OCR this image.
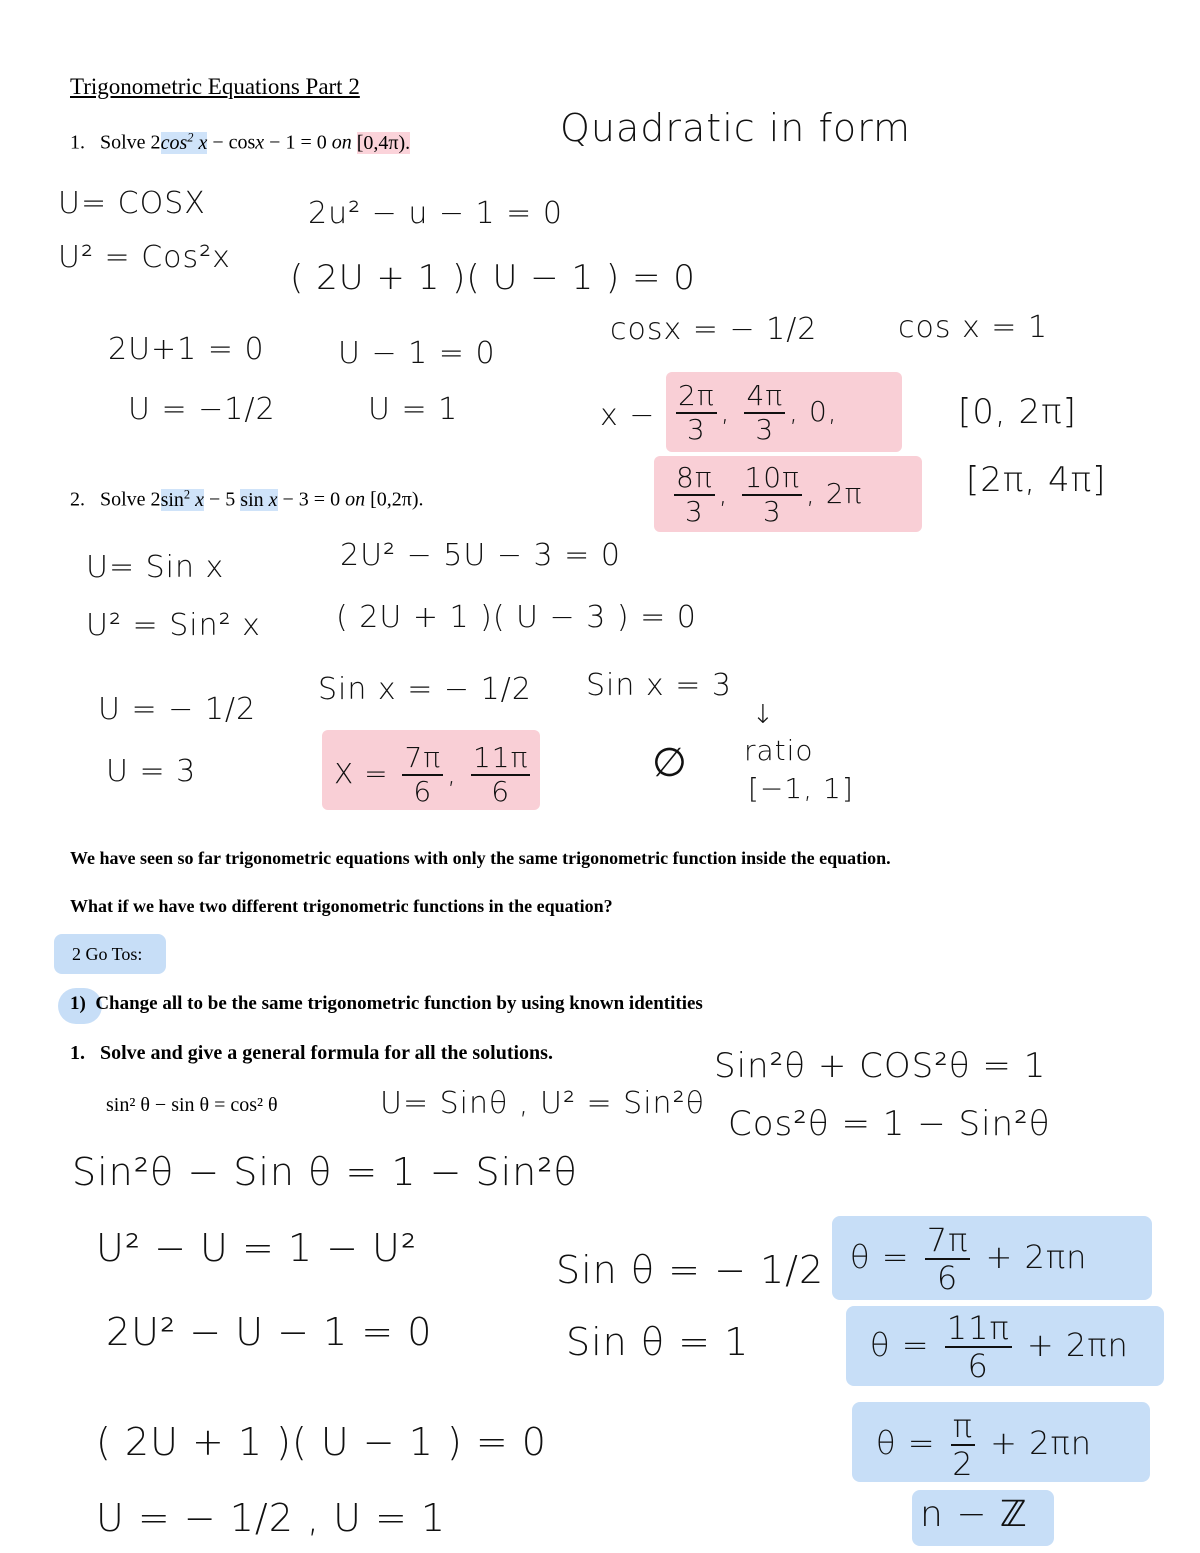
Trigonometric Equations Part 2
1. Solve $2\cos^2$ x − cosx − 1 = 0 on [0,4π).	Quadratic in form
U= COSX
U² = Cos²x
2u² − u − 1 = 0
( 2U + 1 )( U − 1 ) = 0
2U+1 = 0
U = −1/2
U − 1 = 0
U = 1
cosx = − 1/2	cos x = 1
$x - \frac{2\pi}{3}$ , $\frac{4\pi}{3}$ , 0,
$\frac{8\pi}{3}$ , $\frac{10\pi}{3}$ , 2π
[0, 2π]
[2π, 4π]
2. Solve $2\sin^2$ x − 5 sin x − 3 = 0 on [0,2π).
U= Sin x
U² = Sin² x
2U² − 5U − 3 = 0
( 2U + 1 )( U − 3 ) = 0
U = − 1/2
U = 3
Sin x = − 1/2 Sin x = 3
↓
$X = \frac{7\pi}{6}$ , $\frac{11\pi}{6}$	∅ ratio
[−1, 1]
We have seen so far trigonometric equations with only the same trigonometric function inside the equation.
What if we have two different trigonometric functions in the equation?
2 Go Tos:
1) Change all to be the same trigonometric function by using known identities
1. Solve and give a general formula for all the solutions.
sin² θ − sin θ = cos² θ	U= Sinθ , U² = Sin²θ
Sin²θ + COS²θ = 1
Cos²θ = 1 − Sin²θ
Sin²θ − Sin θ = 1 − Sin²θ
U² − U = 1 − U²
2U² − U − 1 = 0
( 2U + 1 )( U − 1 ) = 0
U = − 1/2 , U = 1
Sin θ = − 1/2
Sin θ = 1
$\theta = \frac{7\pi}{6} + 2\pi n$
$\theta = \frac{11\pi}{6} + 2\pi n$
$\theta = \frac{\pi}{2} + 2\pi n$
n − ℤ
